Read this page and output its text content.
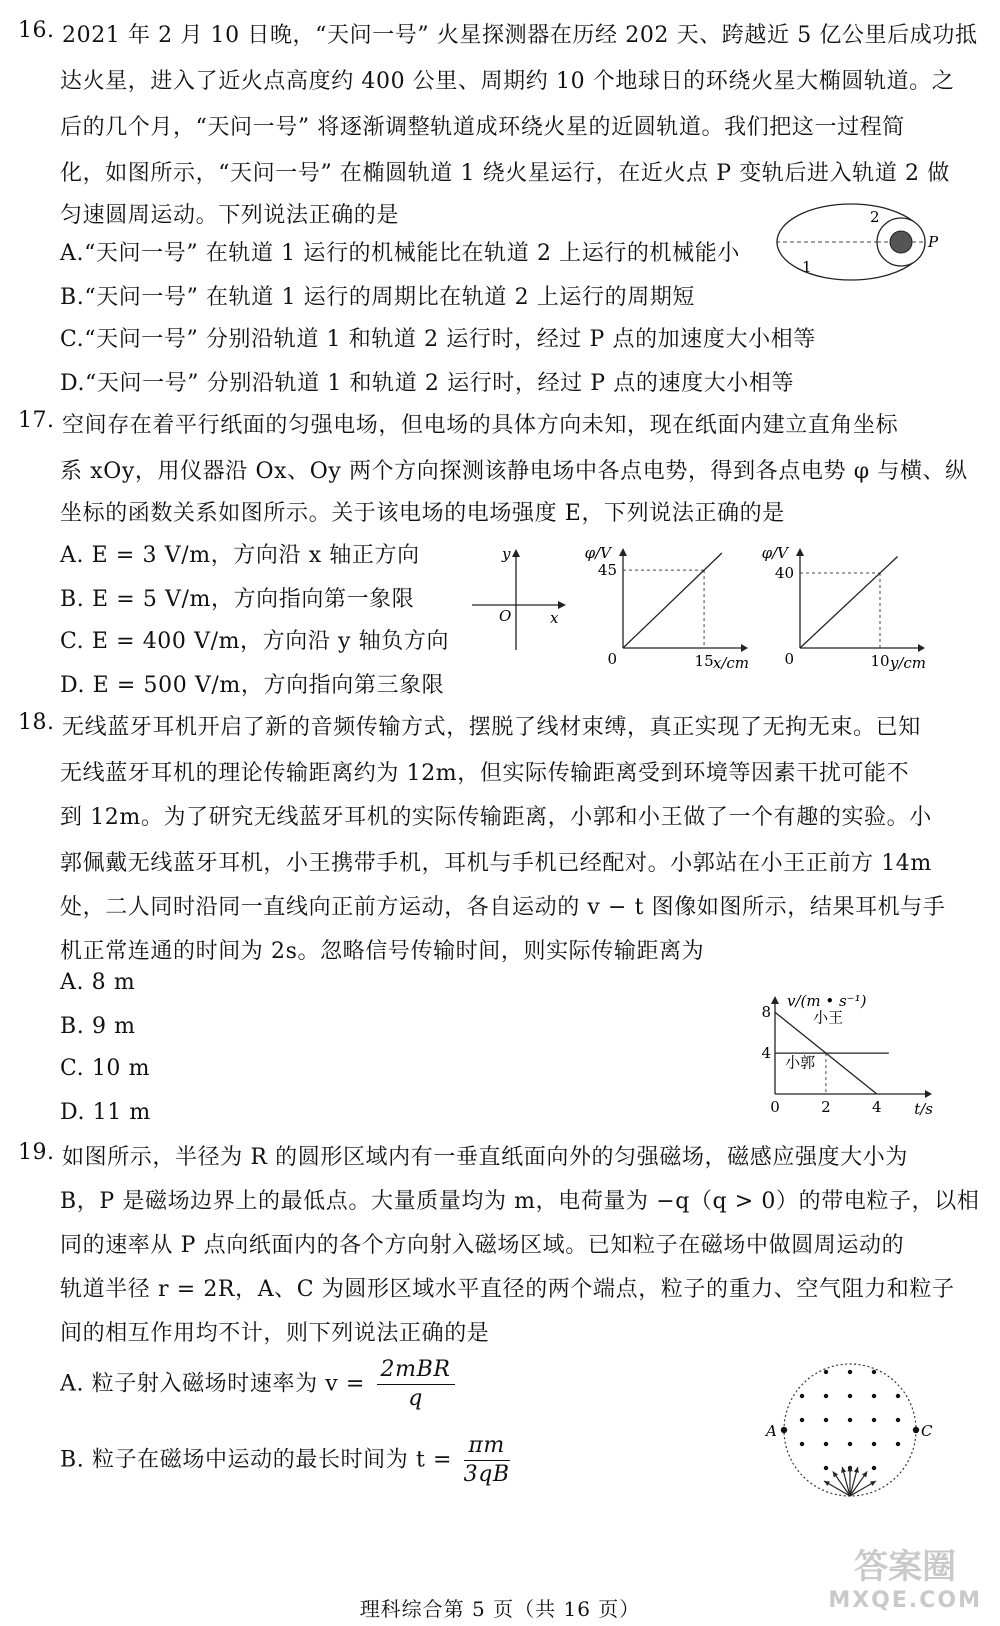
16. 2021 年 2 月 10 日晚，“天问一号” 火星探测器在历经 202 天、跨越近 5 亿公里后成功抵
达火星，进入了近火点高度约 400 公里、周期约 10 个地球日的环绕火星大椭圆轨道。之
后的几个月，“天问一号” 将逐渐调整轨道成环绕火星的近圆轨道。我们把这一过程简
化，如图所示，“天问一号” 在椭圆轨道 1 绕火星运行，在近火点 P 变轨后进入轨道 2 做
匀速圆周运动。下列说法正确的是
A.“天问一号” 在轨道 1 运行的机械能比在轨道 2 上运行的机械能小
B.“天问一号” 在轨道 1 运行的周期比在轨道 2 上运行的周期短
C.“天问一号” 分别沿轨道 1 和轨道 2 运行时，经过 P 点的加速度大小相等
D.“天问一号” 分别沿轨道 1 和轨道 2 运行时，经过 P 点的速度大小相等
2
1
P
17. 空间存在着平行纸面的匀强电场，但电场的具体方向未知，现在纸面内建立直角坐标
系 xOy，用仪器沿 Ox、Oy 两个方向探测该静电场中各点电势，得到各点电势 φ 与横、纵
坐标的函数关系如图所示。关于该电场的电场强度 E，下列说法正确的是
A. E = 3 V/m，方向沿 x 轴正方向
B. E = 5 V/m，方向指向第一象限
C. E = 400 V/m，方向沿 y 轴负方向
D. E = 500 V/m，方向指向第三象限
y
x
O
φ/V
x/cm
0
45
15
φ/V
y/cm
0
40
10
18. 无线蓝牙耳机开启了新的音频传输方式，摆脱了线材束缚，真正实现了无拘无束。已知
无线蓝牙耳机的理论传输距离约为 12m，但实际传输距离受到环境等因素干扰可能不
到 12m。为了研究无线蓝牙耳机的实际传输距离，小郭和小王做了一个有趣的实验。小
郭佩戴无线蓝牙耳机，小王携带手机，耳机与手机已经配对。小郭站在小王正前方 14m
处，二人同时沿同一直线向正前方运动，各自运动的 v − t 图像如图所示，结果耳机与手
机正常连通的时间为 2s。忽略信号传输时间，则实际传输距离为
A. 8 m
B. 9 m
C. 10 m
D. 11 m
v/(m • s⁻¹)
t/s
4
8
0	2	4
小王
小郭
19. 如图所示，半径为 R 的圆形区域内有一垂直纸面向外的匀强磁场，磁感应强度大小为
B，P 是磁场边界上的最低点。大量质量均为 m，电荷量为 −q（q > 0）的带电粒子，以相
同的速率从 P 点向纸面内的各个方向射入磁场区域。已知粒子在磁场中做圆周运动的
轨道半径 r = 2R，A、C 为圆形区域水平直径的两个端点，粒子的重力、空气阻力和粒子
间的相互作用均不计，则下列说法正确的是
A. 粒子射入磁场时速率为 $v = \frac{\text{2mBR}}{q}$
B. 粒子在磁场中运动的最长时间为 $t = \frac{\pi m}{3qB}$
A	C
理科综合第 5 页（共 16 页）
答案圈
MXQE.COM
